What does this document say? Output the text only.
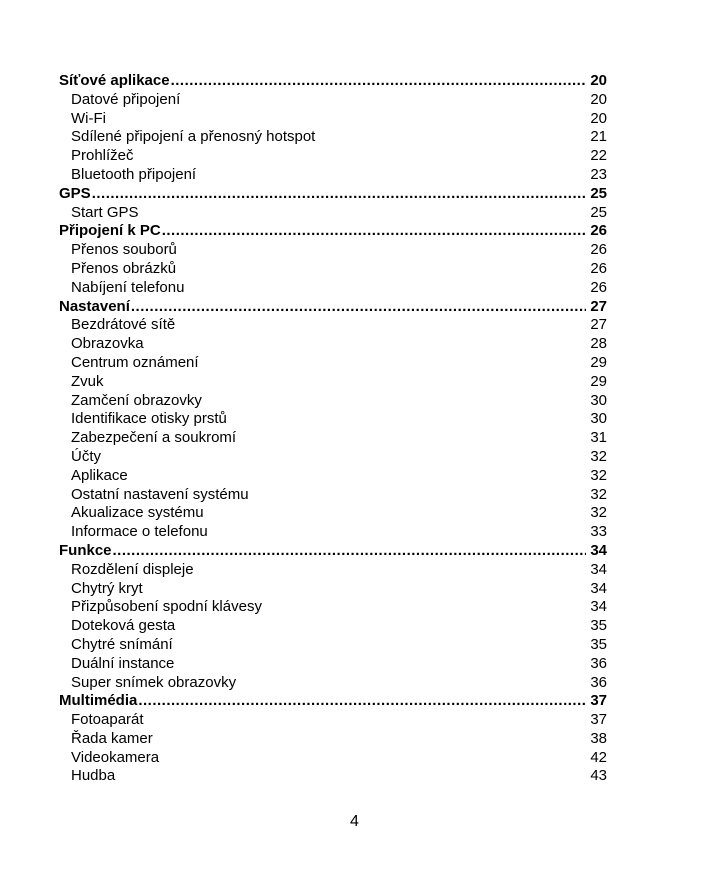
Síťové aplikace .....	20
Datové připojení	20
Wi-Fi	20
Sdílené připojení a přenosný hotspot	21
Prohlížeč	22
Bluetooth připojení	23
GPS .....	25
Start GPS	25
Připojení k PC .....	26
Přenos souborů	26
Přenos obrázků	26
Nabíjení telefonu	26
Nastavení .....	27
Bezdrátové sítě	27
Obrazovka	28
Centrum oznámení	29
Zvuk	29
Zamčení obrazovky	30
Identifikace otisky prstů	30
Zabezpečení a soukromí	31
Účty	32
Aplikace	32
Ostatní nastavení systému	32
Akualizace systému	32
Informace o telefonu	33
Funkce .....	34
Rozdělení displeje	34
Chytrý kryt	34
Přizpůsobení spodní klávesy	34
Doteková gesta	35
Chytré snímání	35
Duální instance	36
Super snímek obrazovky	36
Multimédia .....	37
Fotoaparát	37
Řada kamer	38
Videokamera	42
Hudba	43
4
